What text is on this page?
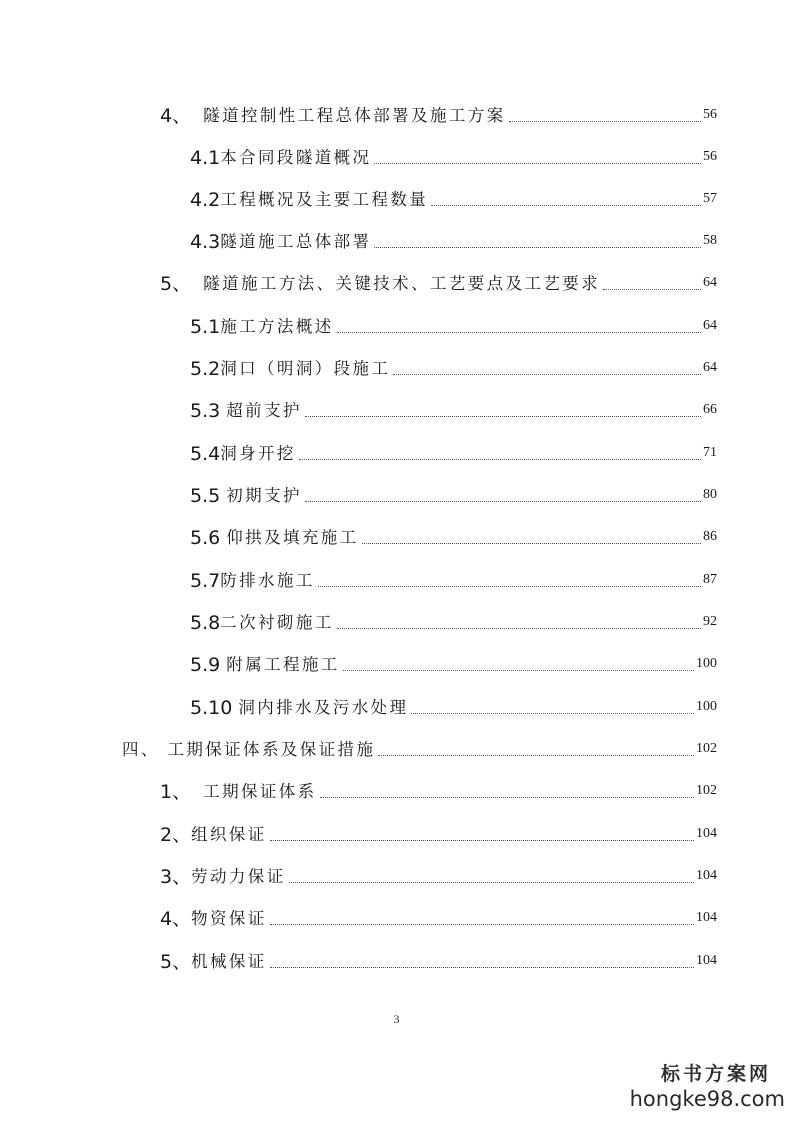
4、 隧道控制性工程总体部署及施工方案	56
4.1 本合同段隧道概况	56
4.2 工程概况及主要工程数量	57
4.3 隧道施工总体部署	58
5、 隧道施工方法、关键技术、工艺要点及工艺要求	64
5.1 施工方法概述	64
5.2 洞口（明洞）段施工	64
5.3 超前支护	66
5.4 洞身开挖	71
5.5 初期支护	80
5.6 仰拱及填充施工	86
5.7 防排水施工	87
5.8 二次衬砌施工	92
5.9 附属工程施工	100
5.10 洞内排水及污水处理	100
四、 工期保证体系及保证措施	102
1、 工期保证体系	102
2、 组织保证	104
3、 劳动力保证	104
4、 物资保证	104
5、 机械保证	104
3
标书方案网
hongke98.com
